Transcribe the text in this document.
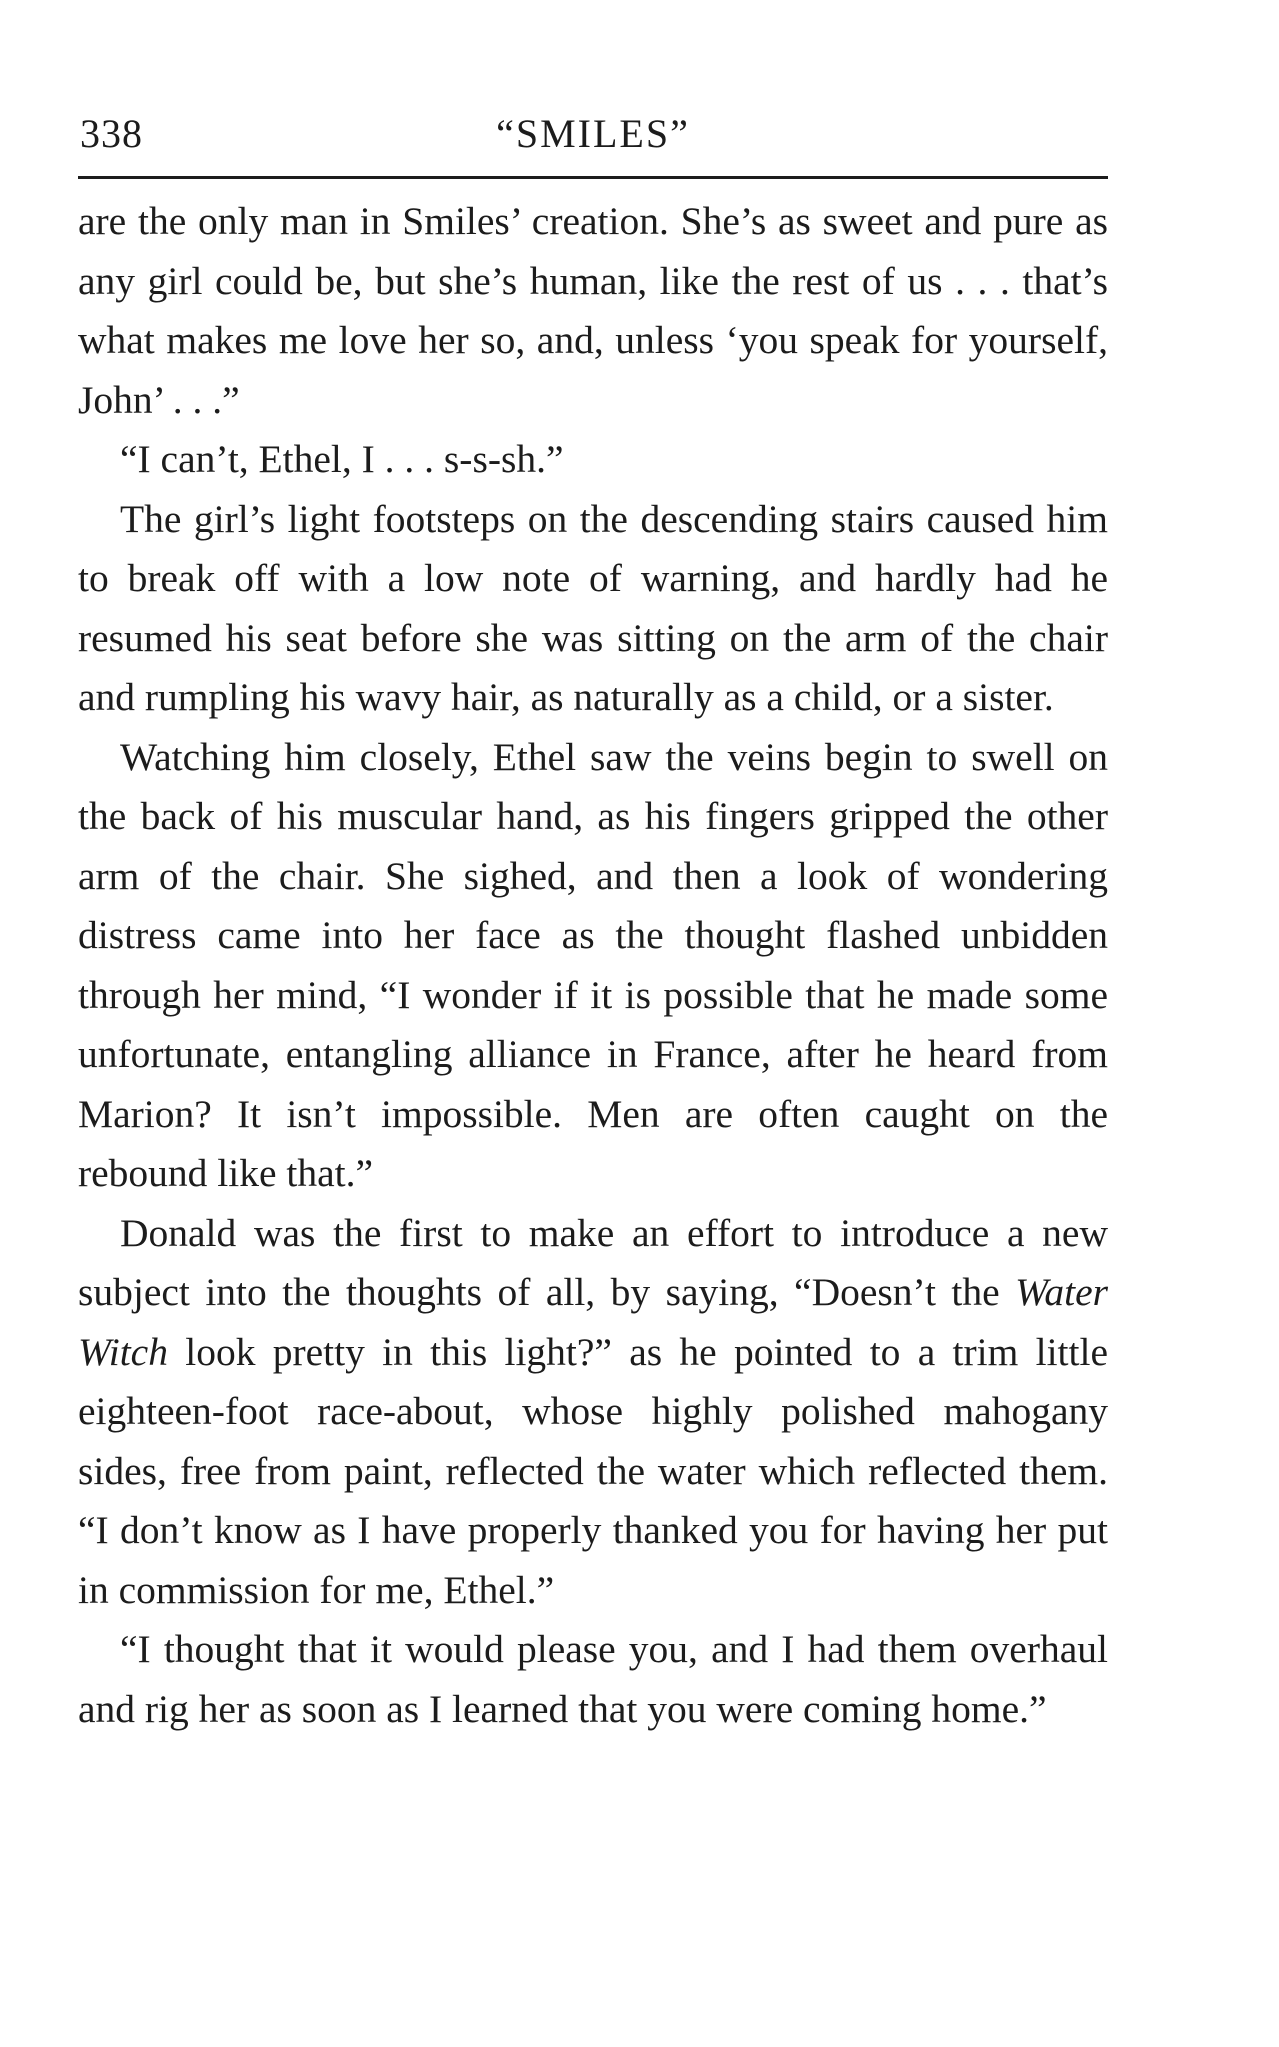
338	“SMILES”

are the only man in Smiles’ creation. She’s as sweet and pure as any girl could be, but she’s human, like the rest of us . . . that’s what makes me love her so, and, unless ‘you speak for yourself, John’ . . .”

“I can’t, Ethel, I . . . s-s-sh.”

The girl’s light footsteps on the descending stairs caused him to break off with a low note of warning, and hardly had he resumed his seat before she was sitting on the arm of the chair and rumpling his wavy hair, as naturally as a child, or a sister.

Watching him closely, Ethel saw the veins begin to swell on the back of his muscular hand, as his fingers gripped the other arm of the chair. She sighed, and then a look of wondering distress came into her face as the thought flashed unbidden through her mind, “I wonder if it is possible that he made some unfortunate, entangling alliance in France, after he heard from Marion? It isn’t impossible. Men are often caught on the rebound like that.”

Donald was the first to make an effort to introduce a new subject into the thoughts of all, by saying, “Doesn’t the Water Witch look pretty in this light?” as he pointed to a trim little eighteen-foot race-about, whose highly polished mahogany sides, free from paint, reflected the water which reflected them. “I don’t know as I have properly thanked you for having her put in commission for me, Ethel.”

“I thought that it would please you, and I had them overhaul and rig her as soon as I learned that you were coming home.”
